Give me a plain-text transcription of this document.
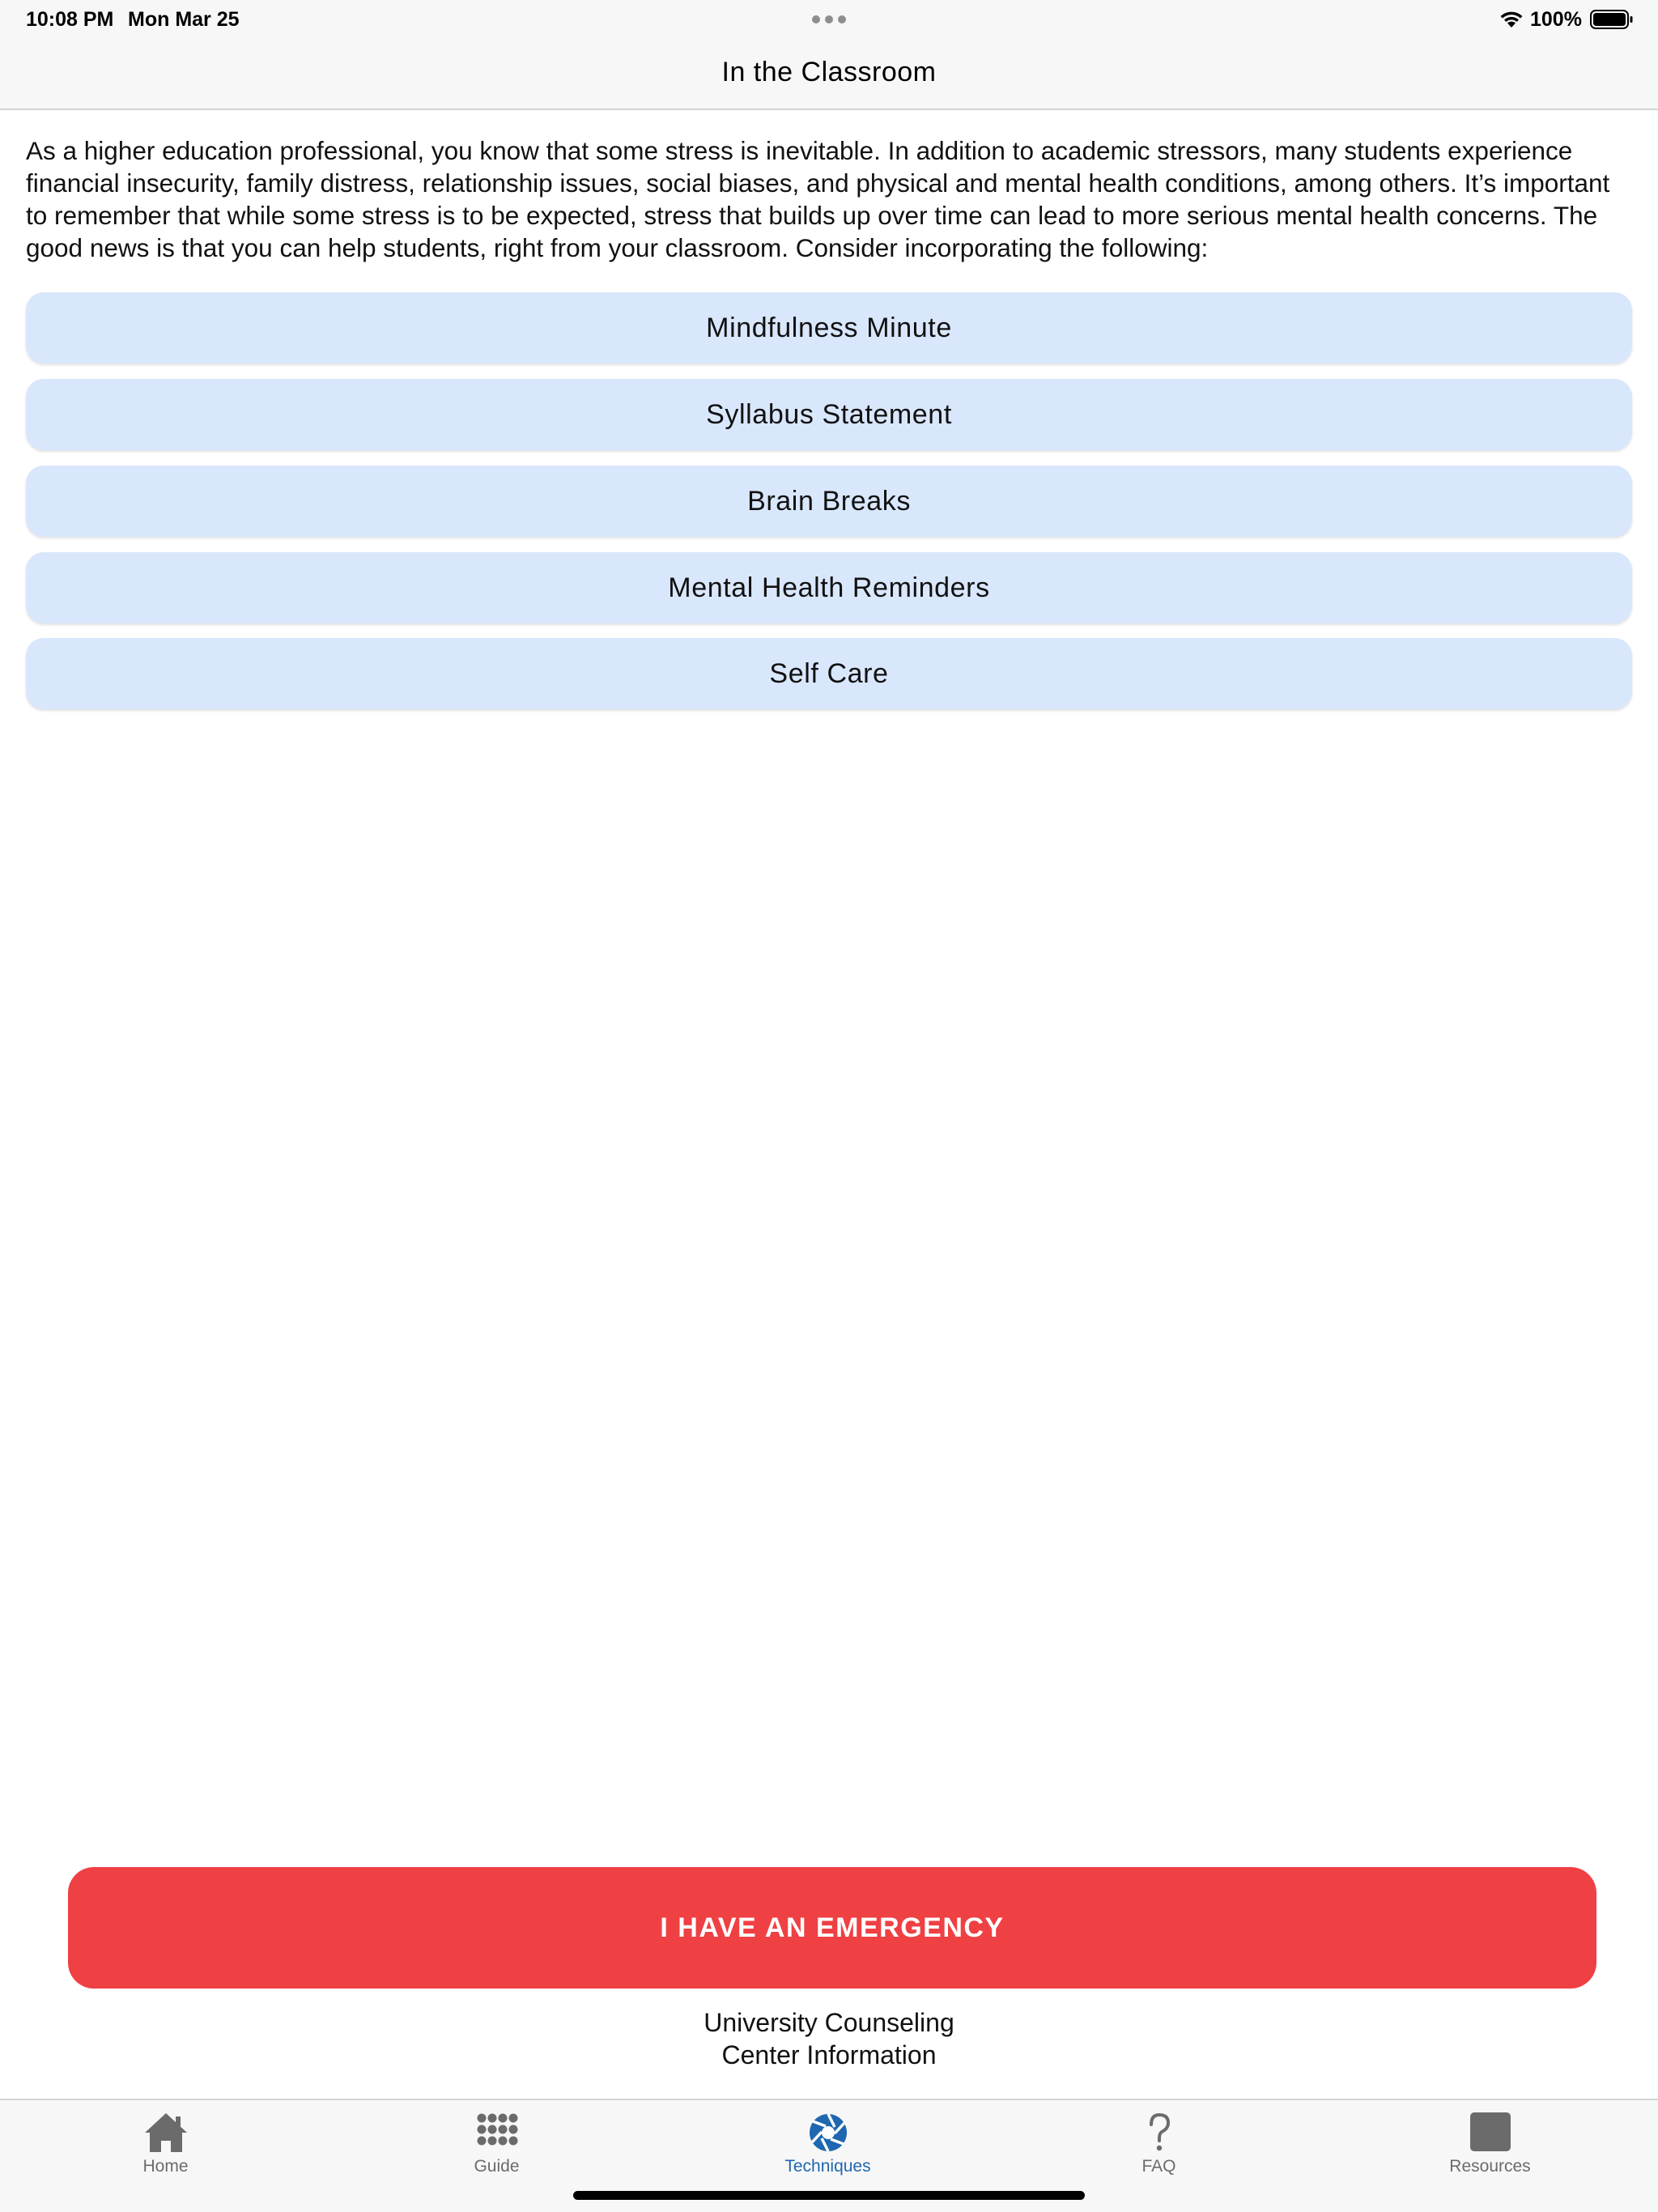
10:08 PM Mon Mar 25	100%
In the Classroom
As a higher education professional, you know that some stress is inevitable. In addition to academic stressors, many students experience financial insecurity, family distress, relationship issues, social biases, and physical and mental health conditions, among others. It’s important to remember that while some stress is to be expected, stress that builds up over time can lead to more serious mental health concerns. The good news is that you can help students, right from your classroom. Consider incorporating the following:
Mindfulness Minute
Syllabus Statement
Brain Breaks
Mental Health Reminders
Self Care
I HAVE AN EMERGENCY
University Counseling
Center Information
Home	Guide	Techniques	FAQ	Resources
